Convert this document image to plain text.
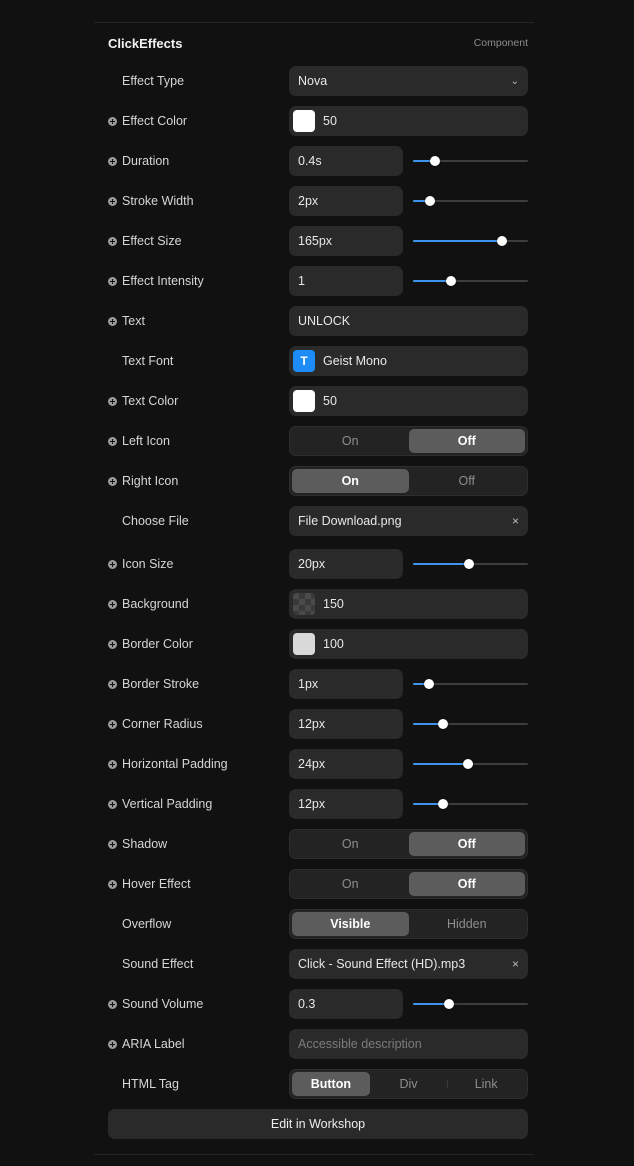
ClickEffects	Component
Effect Type	Nova	⌄
Effect Color	50
Duration	0.4s
Stroke Width	2px
Effect Size	165px
Effect Intensity	1
Text	UNLOCK
Text Font	T	Geist Mono
Text Color	50
Left Icon	On	Off
Right Icon	On	Off
Choose File	File Download.png	×
Icon Size	20px
Background	150
Border Color	100
Border Stroke	1px
Corner Radius	12px
Horizontal Padding	24px
Vertical Padding	12px
Shadow	On	Off
Hover Effect	On	Off
Overflow	Visible	Hidden
Sound Effect	Click - Sound Effect (HD).mp3	×
Sound Volume	0.3
ARIA Label	Accessible description
HTML Tag	Button	Div	Link
Edit in Workshop
